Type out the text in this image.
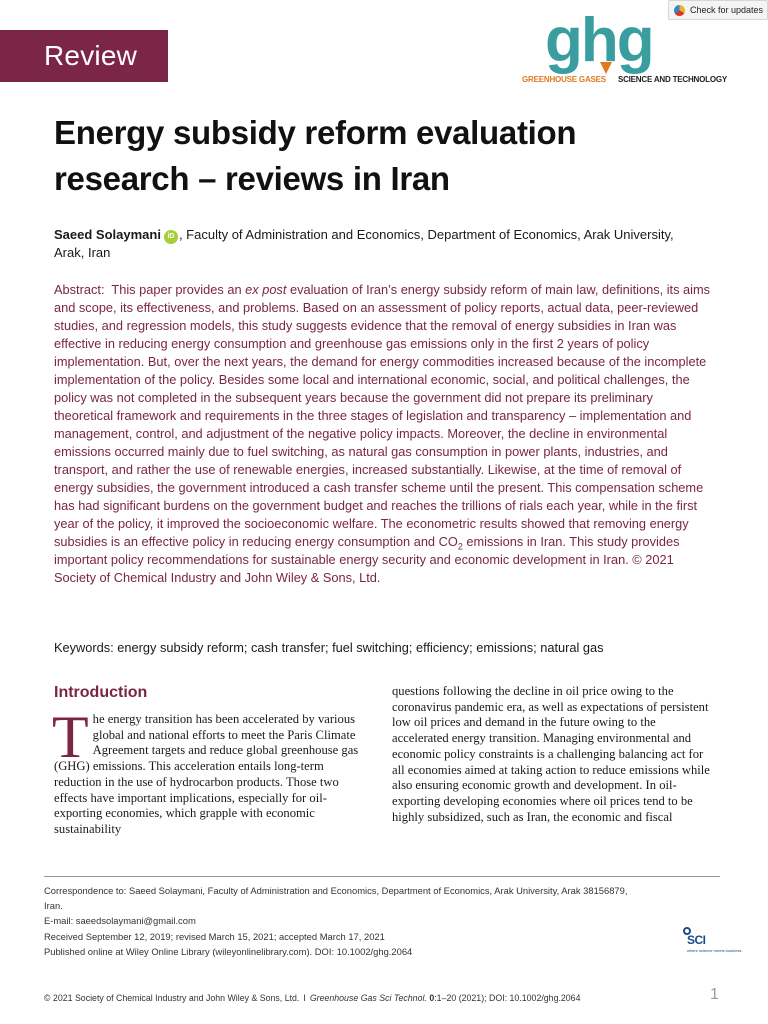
Check for updates
Review	ghg
GREENHOUSE GASES SCIENCE AND TECHNOLOGY
Energy subsidy reform evaluation research – reviews in Iran
Saeed Solaymani iD , Faculty of Administration and Economics, Department of Economics, Arak University, Arak, Iran
Abstract: This paper provides an ex post evaluation of Iran’s energy subsidy reform of main law, definitions, its aims and scope, its effectiveness, and problems. Based on an assessment of policy reports, actual data, peer-reviewed studies, and regression models, this study suggests evidence that the removal of energy subsidies in Iran was effective in reducing energy consumption and greenhouse gas emissions only in the first 2 years of policy implementation. But, over the next years, the demand for energy commodities increased because of the incomplete implementation of the policy. Besides some local and international economic, social, and political challenges, the policy was not completed in the subsequent years because the government did not prepare its preliminary theoretical framework and requirements in the three stages of legislation and transparency – implementation and management, control, and adjustment of the negative policy impacts. Moreover, the decline in environmental emissions occurred mainly due to fuel switching, as natural gas consumption in power plants, industries, and transport, and rather the use of renewable energies, increased substantially. Likewise, at the time of removal of energy subsidies, the government introduced a cash transfer scheme until the present. This compensation scheme has had significant burdens on the government budget and reaches the trillions of rials each year, while in the first year of the policy, it improved the socioeconomic welfare. The econometric results showed that removing energy subsidies is an effective policy in reducing energy consumption and $CO_2$ emissions in Iran. This study provides important policy recommendations for sustainable energy security and economic development in Iran. © 2021 Society of Chemical Industry and John Wiley & Sons, Ltd.
Keywords: energy subsidy reform; cash transfer; fuel switching; efficiency; emissions; natural gas
Introduction
The energy transition has been accelerated by various global and national efforts to meet the Paris Climate Agreement targets and reduce global greenhouse gas (GHG) emissions. This acceleration entails long-term reduction in the use of hydrocarbon products. Those two effects have important implications, especially for oil-exporting economies, which grapple with economic sustainability
questions following the decline in oil price owing to the coronavirus pandemic era, as well as expectations of persistent low oil prices and demand in the future owing to the accelerated energy transition. Managing environmental and economic policy constraints is a challenging balancing act for all economies aimed at taking action to reduce emissions while also ensuring economic growth and development. In oil-exporting developing economies where oil prices tend to be highly subsidized, such as Iran, the economic and fiscal
Correspondence to: Saeed Solaymani, Faculty of Administration and Economics, Department of Economics, Arak University, Arak 38156879,
Iran.
E-mail: saeedsolaymani@gmail.com
Received September 12, 2019; revised March 15, 2021; accepted March 17, 2021
Published online at Wiley Online Library (wileyonlinelibrary.com). DOI: 10.1002/ghg.2064
SCI
where science meets business
© 2021 Society of Chemical Industry and John Wiley & Sons, Ltd. I Greenhouse Gas Sci Technol. 0:1–20 (2021); DOI: 10.1002/ghg.2064	1
